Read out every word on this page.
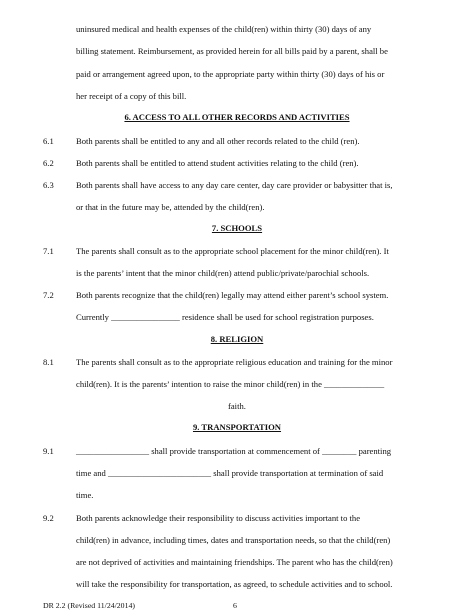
uninsured medical and health expenses of the child(ren) within thirty (30) days of any

billing statement. Reimbursement, as provided herein for all bills paid by a parent, shall be

paid or arrangement agreed upon, to the appropriate party within thirty (30) days of his or

her receipt of a copy of this bill.

6. ACCESS TO ALL OTHER RECORDS AND ACTIVITIES

6.1	Both parents shall be entitled to any and all other records related to the child (ren).

6.2	Both parents shall be entitled to attend student activities relating to the child (ren).

6.3	Both parents shall have access to any day care center, day care provider or babysitter that is,

or that in the future may be, attended by the child(ren).

7. SCHOOLS

7.1	The parents shall consult as to the appropriate school placement for the minor child(ren). It

is the parents’ intent that the minor child(ren) attend public/private/parochial schools.

7.2	Both parents recognize that the child(ren) legally may attend either parent’s school system.

Currently ________________ residence shall be used for school registration purposes.

8. RELIGION

8.1	The parents shall consult as to the appropriate religious education and training for the minor

child(ren). It is the parents’ intention to raise the minor child(ren) in the ______________

faith.

9. TRANSPORTATION

9.1	_________________ shall provide transportation at commencement of ________ parenting

time and ________________________ shall provide transportation at termination of said

time.

9.2	Both parents acknowledge their responsibility to discuss activities important to the

child(ren) in advance, including times, dates and transportation needs, so that the child(ren)

are not deprived of activities and maintaining friendships. The parent who has the child(ren)

will take the responsibility for transportation, as agreed, to schedule activities and to school.

DR 2.2 (Revised 11/24/2014)	6
